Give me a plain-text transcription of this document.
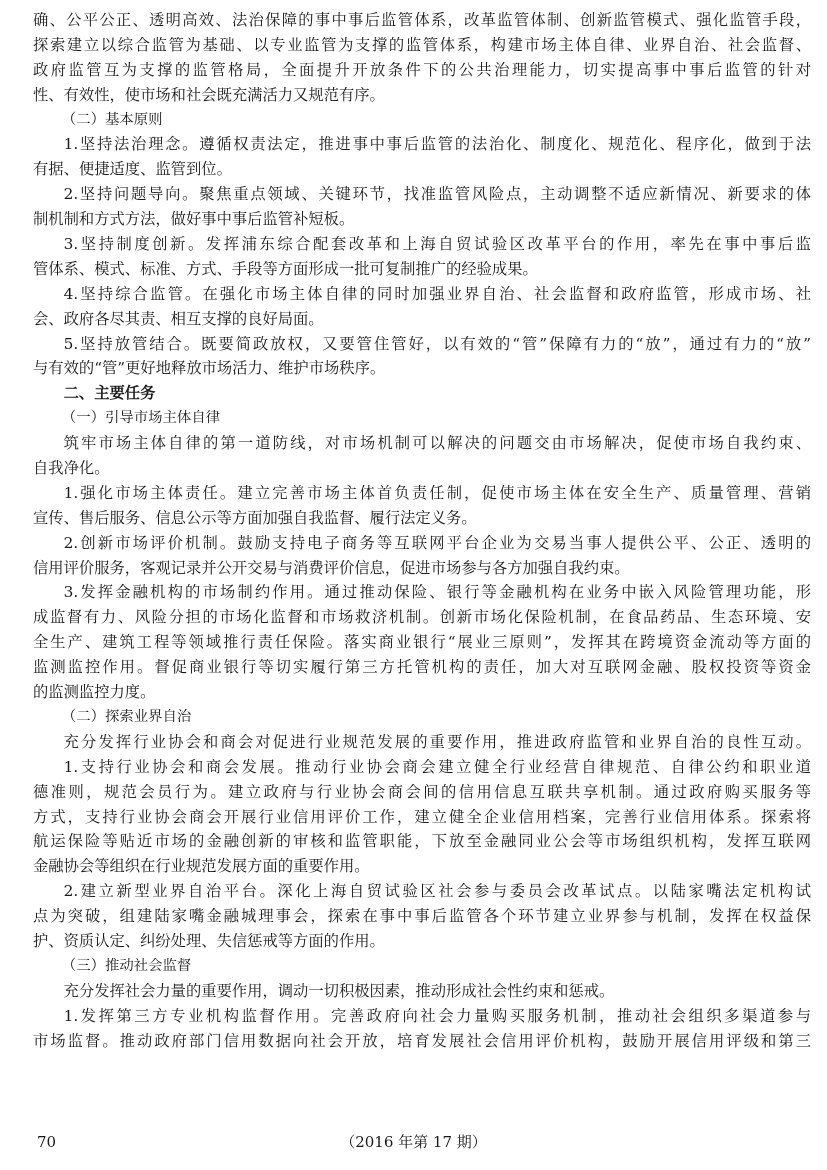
确、公平公正、透明高效、法治保障的事中事后监管体系，改革监管体制、创新监管模式、强化监管手段，
探索建立以综合监管为基础、以专业监管为支撑的监管体系，构建市场主体自律、业界自治、社会监督、
政府监管互为支撑的监管格局，全面提升开放条件下的公共治理能力，切实提高事中事后监管的针对
性、有效性，使市场和社会既充满活力又规范有序。
（二）基本原则
1.坚持法治理念。遵循权责法定，推进事中事后监管的法治化、制度化、规范化、程序化，做到于法
有据、便捷适度、监管到位。
2.坚持问题导向。聚焦重点领域、关键环节，找准监管风险点，主动调整不适应新情况、新要求的体
制机制和方式方法，做好事中事后监管补短板。
3.坚持制度创新。发挥浦东综合配套改革和上海自贸试验区改革平台的作用，率先在事中事后监
管体系、模式、标准、方式、手段等方面形成一批可复制推广的经验成果。
4.坚持综合监管。在强化市场主体自律的同时加强业界自治、社会监督和政府监管，形成市场、社
会、政府各尽其责、相互支撑的良好局面。
5.坚持放管结合。既要简政放权，又要管住管好，以有效的“管”保障有力的“放”，通过有力的“放”
与有效的“管”更好地释放市场活力、维护市场秩序。
二、主要任务
（一）引导市场主体自律
筑牢市场主体自律的第一道防线，对市场机制可以解决的问题交由市场解决，促使市场自我约束、
自我净化。
1.强化市场主体责任。建立完善市场主体首负责任制，促使市场主体在安全生产、质量管理、营销
宣传、售后服务、信息公示等方面加强自我监督、履行法定义务。
2.创新市场评价机制。鼓励支持电子商务等互联网平台企业为交易当事人提供公平、公正、透明的
信用评价服务，客观记录并公开交易与消费评价信息，促进市场参与各方加强自我约束。
3.发挥金融机构的市场制约作用。通过推动保险、银行等金融机构在业务中嵌入风险管理功能，形
成监督有力、风险分担的市场化监督和市场救济机制。创新市场化保险机制，在食品药品、生态环境、安
全生产、建筑工程等领域推行责任保险。落实商业银行“展业三原则”，发挥其在跨境资金流动等方面的
监测监控作用。督促商业银行等切实履行第三方托管机构的责任，加大对互联网金融、股权投资等资金
的监测监控力度。
（二）探索业界自治
充分发挥行业协会和商会对促进行业规范发展的重要作用，推进政府监管和业界自治的良性互动。
1.支持行业协会和商会发展。推动行业协会商会建立健全行业经营自律规范、自律公约和职业道
德准则，规范会员行为。建立政府与行业协会商会间的信用信息互联共享机制。通过政府购买服务等
方式，支持行业协会商会开展行业信用评价工作，建立健全企业信用档案，完善行业信用体系。探索将
航运保险等贴近市场的金融创新的审核和监管职能，下放至金融同业公会等市场组织机构，发挥互联网
金融协会等组织在行业规范发展方面的重要作用。
2.建立新型业界自治平台。深化上海自贸试验区社会参与委员会改革试点。以陆家嘴法定机构试
点为突破，组建陆家嘴金融城理事会，探索在事中事后监管各个环节建立业界参与机制，发挥在权益保
护、资质认定、纠纷处理、失信惩戒等方面的作用。
（三）推动社会监督
充分发挥社会力量的重要作用，调动一切积极因素，推动形成社会性约束和惩戒。
1.发挥第三方专业机构监督作用。完善政府向社会力量购买服务机制，推动社会组织多渠道参与
市场监督。推动政府部门信用数据向社会开放，培育发展社会信用评价机构，鼓励开展信用评级和第三
70	（2016 年第 17 期）
